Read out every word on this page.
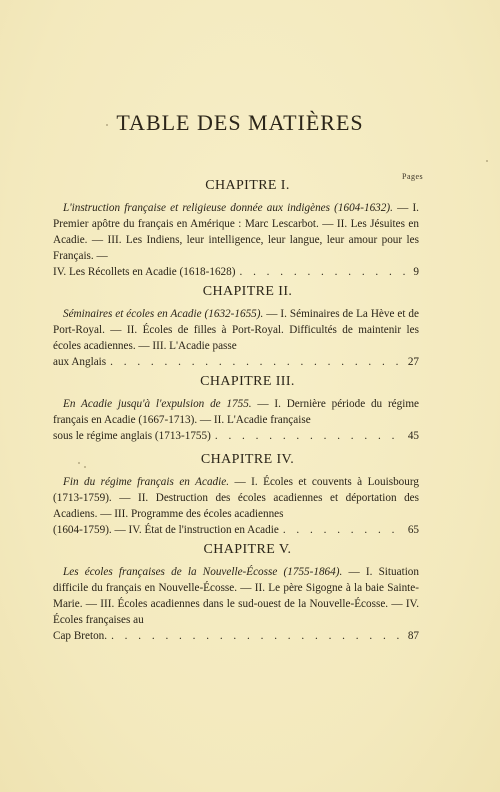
TABLE DES MATIÈRES
Pages
CHAPITRE I.
L'instruction française et religieuse donnée aux indigènes (1604-1632). — I. Premier apôtre du français en Amérique : Marc Lescarbot. — II. Les Jésuites en Acadie. — III. Les Indiens, leur intelligence, leur langue, leur amour pour les Français. —
IV. Les Récollets en Acadie (1618-1628) . . .	9
CHAPITRE II.
Séminaires et écoles en Acadie (1632-1655). — I. Séminaires de La Hève et de Port-Royal. — II. Écoles de filles à Port-Royal. Difficultés de maintenir les écoles acadiennes. — III. L'Acadie passe
aux Anglais . . .	27
CHAPITRE III.
En Acadie jusqu'à l'expulsion de 1755. — I. Dernière période du régime français en Acadie (1667-1713). — II. L'Acadie française
sous le régime anglais (1713-1755) . . .	45
CHAPITRE IV.
Fin du régime français en Acadie. — I. Écoles et couvents à Louisbourg (1713-1759). — II. Destruction des écoles acadiennes et déportation des Acadiens. — III. Programme des écoles acadiennes
(1604-1759). — IV. État de l'instruction en Acadie . . .	65
CHAPITRE V.
Les écoles françaises de la Nouvelle-Écosse (1755-1864). — I. Situation difficile du français en Nouvelle-Écosse. — II. Le père Sigogne à la baie Sainte-Marie. — III. Écoles acadiennes dans le sud-ouest de la Nouvelle-Écosse. — IV. Écoles françaises au
Cap Breton. . . .	87
